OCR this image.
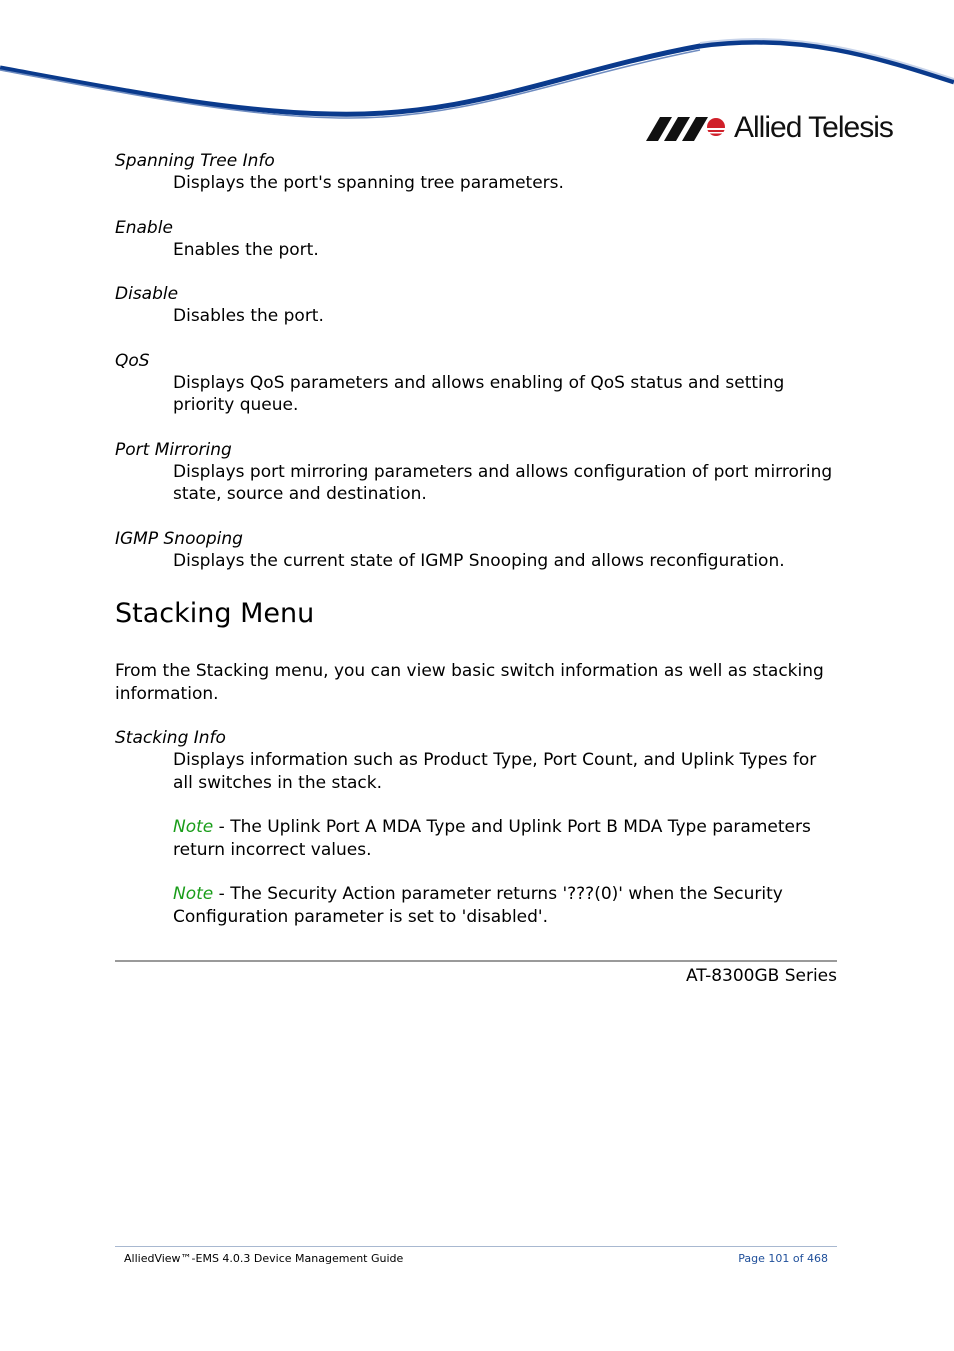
Allied Telesis

Spanning Tree Info

Displays the port's spanning tree parameters.

Enable

Enables the port.

Disable

Disables the port.

QoS

Displays QoS parameters and allows enabling of QoS status and setting priority queue.

Port Mirroring

Displays port mirroring parameters and allows configuration of port mirroring state, source and destination.

IGMP Snooping

Displays the current state of IGMP Snooping and allows reconfiguration.

Stacking Menu

From the Stacking menu, you can view basic switch information as well as stacking information.

Stacking Info

Displays information such as Product Type, Port Count, and Uplink Types for all switches in the stack.

Note - The Uplink Port A MDA Type and Uplink Port B MDA Type parameters return incorrect values.

Note - The Security Action parameter returns '???(0)' when the Security Configuration parameter is set to 'disabled'.

AT-8300GB Series
AlliedView™-EMS 4.0.3 Device Management Guide	Page 101 of 468
